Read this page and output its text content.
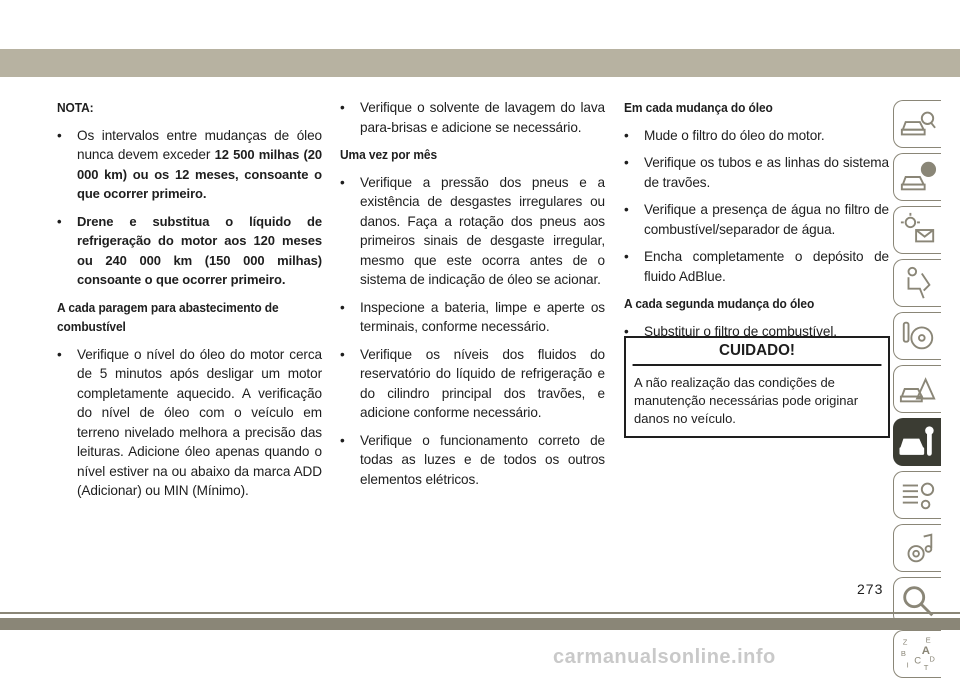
NOTA:
• Os intervalos entre mudanças de óleo nunca devem exceder 12 500 milhas (20 000 km) ou os 12 meses, consoante o que ocorrer primeiro.
• Drene e substitua o líquido de refrigeração do motor aos 120 meses ou 240 000 km (150 000 milhas) consoante o que ocorrer primeiro.
A cada paragem para abastecimento de combustível
• Verifique o nível do óleo do motor cerca de 5 minutos após desligar um motor completamente aquecido. A verificação do nível de óleo com o veículo em terreno nivelado melhora a precisão das leituras. Adicione óleo apenas quando o nível estiver na ou abaixo da marca ADD (Adicionar) ou MIN (Mínimo).
• Verifique o solvente de lavagem do lava para-brisas e adicione se necessário.
Uma vez por mês
• Verifique a pressão dos pneus e a existência de desgastes irregulares ou danos. Faça a rotação dos pneus aos primeiros sinais de desgaste irregular, mesmo que este ocorra antes de o sistema de indicação de óleo se acionar.
• Inspecione a bateria, limpe e aperte os terminais, conforme necessário.
• Verifique os níveis dos fluidos do reservatório do líquido de refrigeração e do cilindro principal dos travões, e adicione conforme necessário.
• Verifique o funcionamento correto de todas as luzes e de todos os outros elementos elétricos.
Em cada mudança do óleo
• Mude o filtro do óleo do motor.
• Verifique os tubos e as linhas do sistema de travões.
• Verifique a presença de água no filtro de combustível/separador de água.
• Encha completamente o depósito de fluido AdBlue.
A cada segunda mudança do óleo
• Substituir o filtro de combustível.
CUIDADO!
A não realização das condições de manutenção necessárias pode originar danos no veículo.
Z E
B A
C D
I T
273
carmanualsonline.info
